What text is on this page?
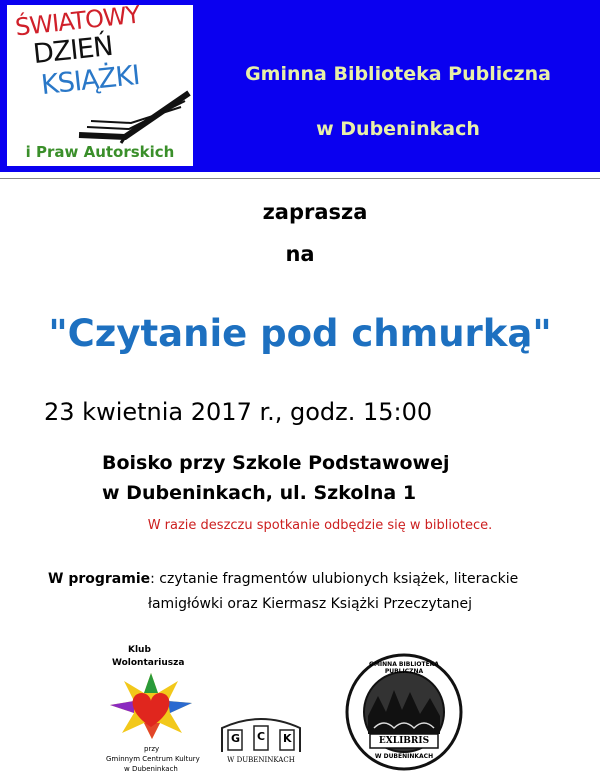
ŚWIATOWY
DZIEŃ
KSIĄŻKI
i Praw Autorskich
Gminna Biblioteka Publiczna
w Dubeninkach
zaprasza
na
"Czytanie pod chmurką"
23 kwietnia 2017 r., godz. 15:00
Boisko przy Szkole Podstawowej
w Dubeninkach, ul. Szkolna 1
W razie deszczu spotkanie odbędzie się w bibliotece.
W programie: czytanie fragmentów ulubionych książek, literackie
łamigłówki oraz Kiermasz Książki Przeczytanej
Klub
Wolontariusza
przy
Gminnym Centrum Kultury
w Dubeninkach
G C K
W DUBENINKACH
GMINNA BIBLIOTEKA PUBLICZNA
EXLIBRIS
W DUBENINKACH
